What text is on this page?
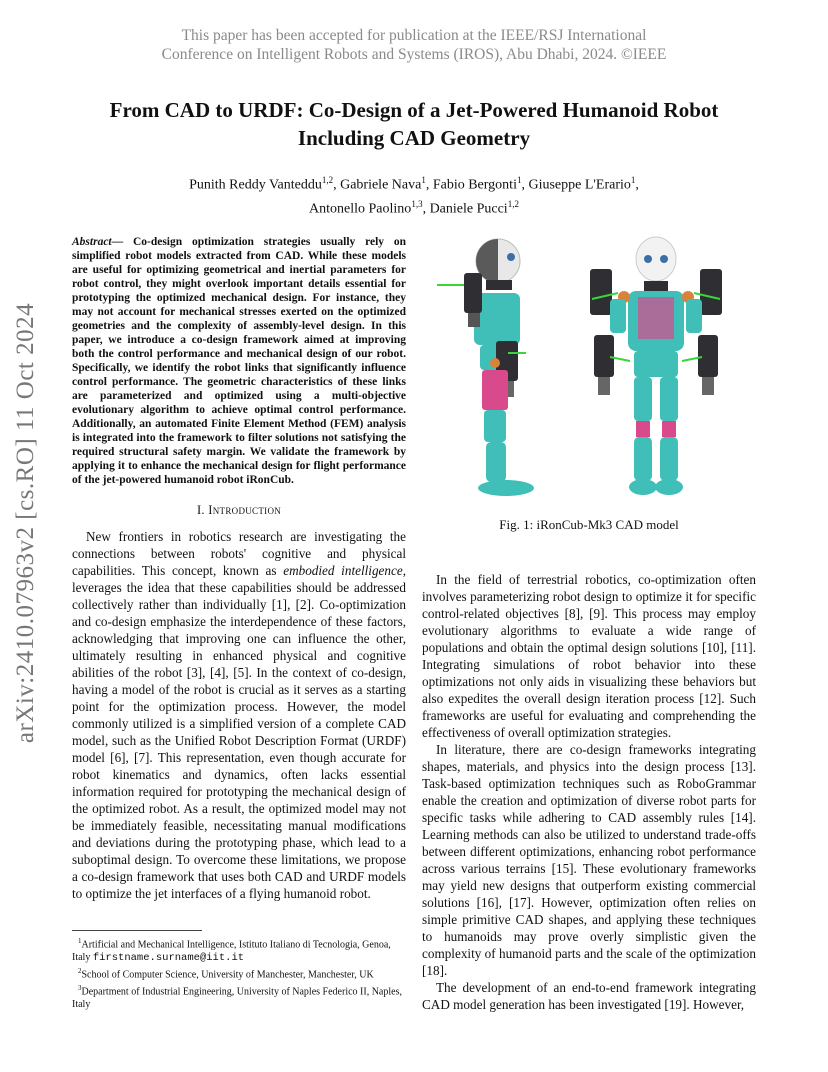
This paper has been accepted for publication at the IEEE/RSJ International
Conference on Intelligent Robots and Systems (IROS), Abu Dhabi, 2024. ©IEEE
arXiv:2410.07963v2 [cs.RO] 11 Oct 2024
From CAD to URDF: Co-Design of a Jet-Powered Humanoid Robot
Including CAD Geometry
Punith Reddy Vanteddu$^{1,2}$, Gabriele Nava$^1$, Fabio Bergonti$^1$, Giuseppe L'Erario$^1$,
Antonello Paolino$^{1,3}$, Daniele Pucci$^{1,2}$

Abstract— Co-design optimization strategies usually rely on simplified robot models extracted from CAD. While these models are useful for optimizing geometrical and inertial parameters for robot control, they might overlook important details essential for prototyping the optimized mechanical design. For instance, they may not account for mechanical stresses exerted on the optimized geometries and the complexity of assembly-level design. In this paper, we introduce a co-design framework aimed at improving both the control performance and mechanical design of our robot. Specifically, we identify the robot links that significantly influence control performance. The geometric characteristics of these links are parameterized and optimized using a multi-objective evolutionary algorithm to achieve optimal control performance. Additionally, an automated Finite Element Method (FEM) analysis is integrated into the framework to filter solutions not satisfying the required structural safety margin. We validate the framework by applying it to enhance the mechanical design for flight performance of the jet-powered humanoid robot iRonCub.

I. Introduction

New frontiers in robotics research are investigating the connections between robots' cognitive and physical capabilities. This concept, known as embodied intelligence, leverages the idea that these capabilities should be addressed collectively rather than individually [1], [2]. Co-optimization and co-design emphasize the interdependence of these factors, acknowledging that improving one can influence the other, ultimately resulting in enhanced physical and cognitive abilities of the robot [3], [4], [5]. In the context of co-design, having a model of the robot is crucial as it serves as a starting point for the optimization process. However, the model commonly utilized is a simplified version of a complete CAD model, such as the Unified Robot Description Format (URDF) model [6], [7]. This representation, even though accurate for robot kinematics and dynamics, often lacks essential information required for prototyping the mechanical design of the optimized robot. As a result, the optimized model may not be immediately feasible, necessitating manual modifications and deviations during the prototyping phase, which lead to a suboptimal design. To overcome these limitations, we propose a co-design framework that uses both CAD and URDF models to optimize the jet interfaces of a flying humanoid robot.

$^1$Artificial and Mechanical Intelligence, Istituto Italiano di Tecnologia, Genoa, Italy firstname.surname@iit.it

$^2$School of Computer Science, University of Manchester, Manchester, UK

$^3$Department of Industrial Engineering, University of Naples Federico II, Naples, Italy

Fig. 1: iRonCub-Mk3 CAD model

In the field of terrestrial robotics, co-optimization often involves parameterizing robot design to optimize it for specific control-related objectives [8], [9]. This process may employ evolutionary algorithms to evaluate a wide range of populations and obtain the optimal design solutions [10], [11]. Integrating simulations of robot behavior into these optimizations not only aids in visualizing these behaviors but also expedites the overall design iteration process [12]. Such frameworks are useful for evaluating and comprehending the effectiveness of overall optimization strategies.

In literature, there are co-design frameworks integrating shapes, materials, and physics into the design process [13]. Task-based optimization techniques such as RoboGrammar enable the creation and optimization of diverse robot parts for specific tasks while adhering to CAD assembly rules [14]. Learning methods can also be utilized to understand trade-offs between different optimizations, enhancing robot performance across various terrains [15]. These evolutionary frameworks may yield new designs that outperform existing commercial solutions [16], [17]. However, optimization often relies on simple primitive CAD shapes, and applying these techniques to humanoids may prove overly simplistic given the complexity of humanoid parts and the scale of the optimization [18].

The development of an end-to-end framework integrating CAD model generation has been investigated [19]. However,
